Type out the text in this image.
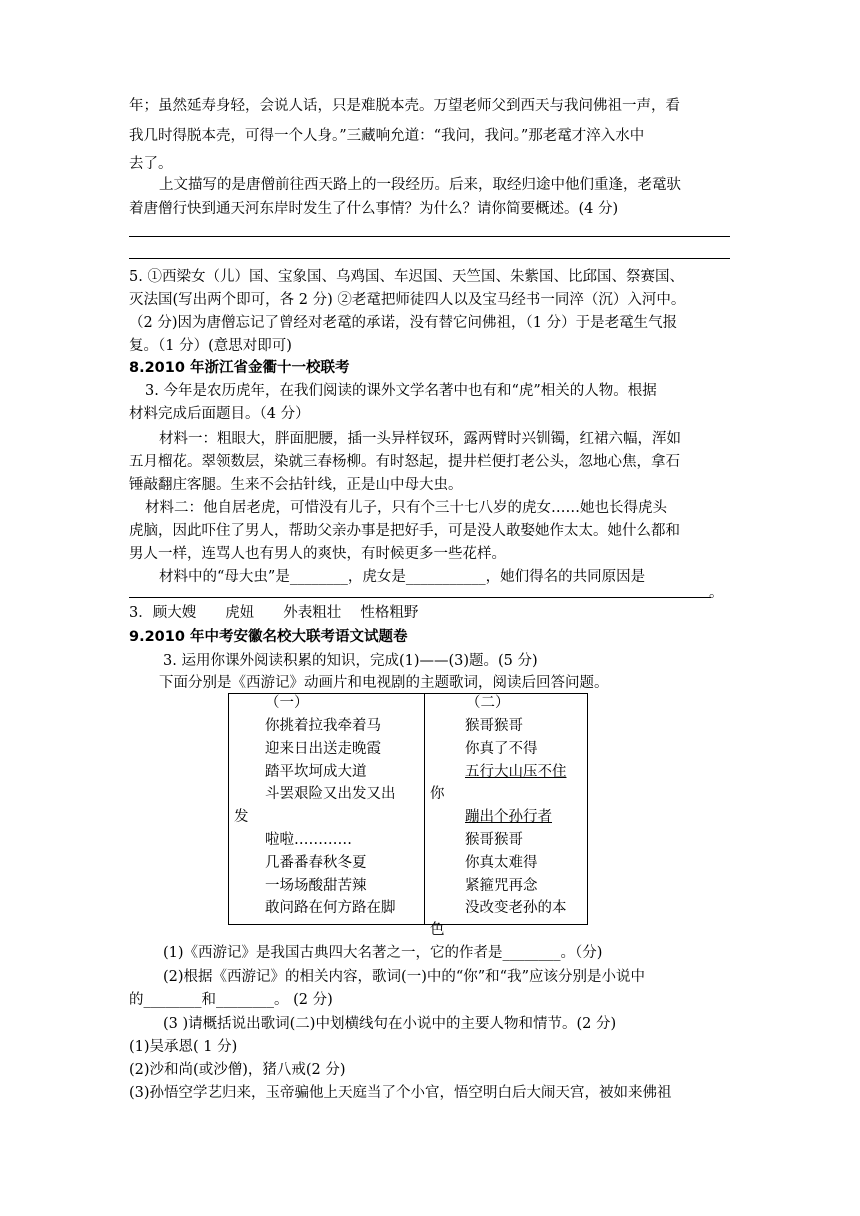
年；虽然延寿身轻，会说人话，只是难脱本壳。万望老师父到西天与我问佛祖一声，看
我几时得脱本壳，可得一个人身。”三藏响允道：“我问，我问。”那老鼋才淬入水中
去了。
上文描写的是唐僧前往西天路上的一段经历。后来，取经归途中他们重逢，老鼋驮
着唐僧行快到通天河东岸时发生了什么事情？为什么？请你简要概述。(4 分)
5. ①西梁女（儿）国、宝象国、乌鸡国、车迟国、天竺国、朱紫国、比邱国、祭赛国、
灭法国(写出两个即可，各 2 分) ②老鼋把师徒四人以及宝马经书一同淬（沉）入河中。
（2 分)因为唐僧忘记了曾经对老鼋的承诺，没有替它问佛祖，（1 分）于是老鼋生气报
复。（1 分）(意思对即可)
8.2010 年浙江省金衢十一校联考
3. 今年是农历虎年，在我们阅读的课外文学名著中也有和“虎”相关的人物。根据
材料完成后面题目。（4 分）
材料一：粗眼大，胖面肥腰，插一头异样钗环，露两臂时兴钏镯，红裙六幅，浑如
五月榴花。翠领数层，染就三春杨柳。有时怒起，提井栏便打老公头，忽地心焦，拿石
锤敲翻庄客腿。生来不会拈针线，正是山中母大虫。
材料二：他自居老虎，可惜没有儿子，只有个三十七八岁的虎女……她也长得虎头
虎脑，因此吓住了男人，帮助父亲办事是把好手，可是没人敢娶她作太太。她什么都和
男人一样，连骂人也有男人的爽快，有时候更多一些花样。
材料中的“母大虫”是________，虎女是___________，她们得名的共同原因是
。
3．顾大嫂　　虎妞　　外表粗壮　 性格粗野
9.2010 年中考安徽名校大联考语文试题卷
3. 运用你课外阅读积累的知识，完成(1)——(3)题。(5 分)
下面分别是《西游记》动画片和电视剧的主题歌词，阅读后回答问题。
（一）
你挑着拉我牵着马
迎来日出送走晚霞
踏平坎坷成大道
斗罢艰险又出发又出
发
啦啦…………
几番番春秋冬夏
一场场酸甜苦辣
敢问路在何方路在脚
你
色
（二）
猴哥猴哥
你真了不得
五行大山压不住
蹦出个孙行者
猴哥猴哥
你真太难得
紧箍咒再念
没改变老孙的本
(1)《西游记》是我国古典四大名著之一，它的作者是________。（分)
(2)根据《西游记》的相关内容，歌词(一)中的“你”和“我”应该分别是小说中
的________和________。 (2 分)
(3 )请概括说出歌词(二)中划横线句在小说中的主要人物和情节。(2 分)
(1)吴承恩( 1 分)
(2)沙和尚(或沙僧)，猪八戒(2 分)
(3)孙悟空学艺归来，玉帝骗他上天庭当了个小官，悟空明白后大闹天宫，被如来佛祖
